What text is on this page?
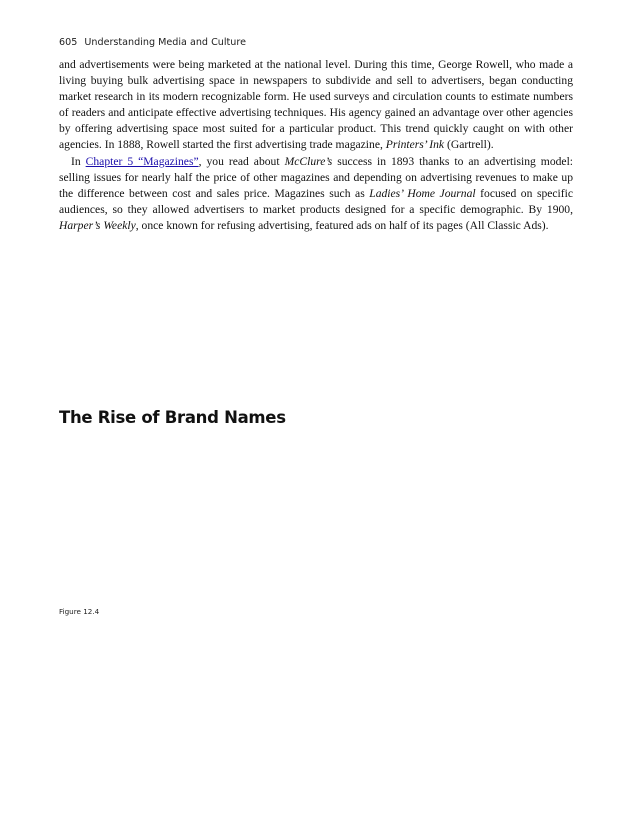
605 Understanding Media and Culture

and advertisements were being marketed at the national level. During this time, George Rowell, who made a living buying bulk advertising space in newspapers to subdivide and sell to advertisers, began conducting market research in its modern recognizable form. He used surveys and circulation counts to estimate numbers of readers and anticipate effective advertising techniques. His agency gained an advantage over other agencies by offering advertising space most suited for a particular product. This trend quickly caught on with other agencies. In 1888, Rowell started the first advertising trade magazine, Printers’ Ink (Gartrell).

In Chapter 5 “Magazines”, you read about McClure’s success in 1893 thanks to an advertising model: selling issues for nearly half the price of other magazines and depending on advertising revenues to make up the difference between cost and sales price. Magazines such as Ladies’ Home Journal focused on specific audiences, so they allowed advertisers to market products designed for a specific demographic. By 1900, Harper’s Weekly, once known for refusing advertising, featured ads on half of its pages (All Classic Ads).

The Rise of Brand Names
Figure 12.4
